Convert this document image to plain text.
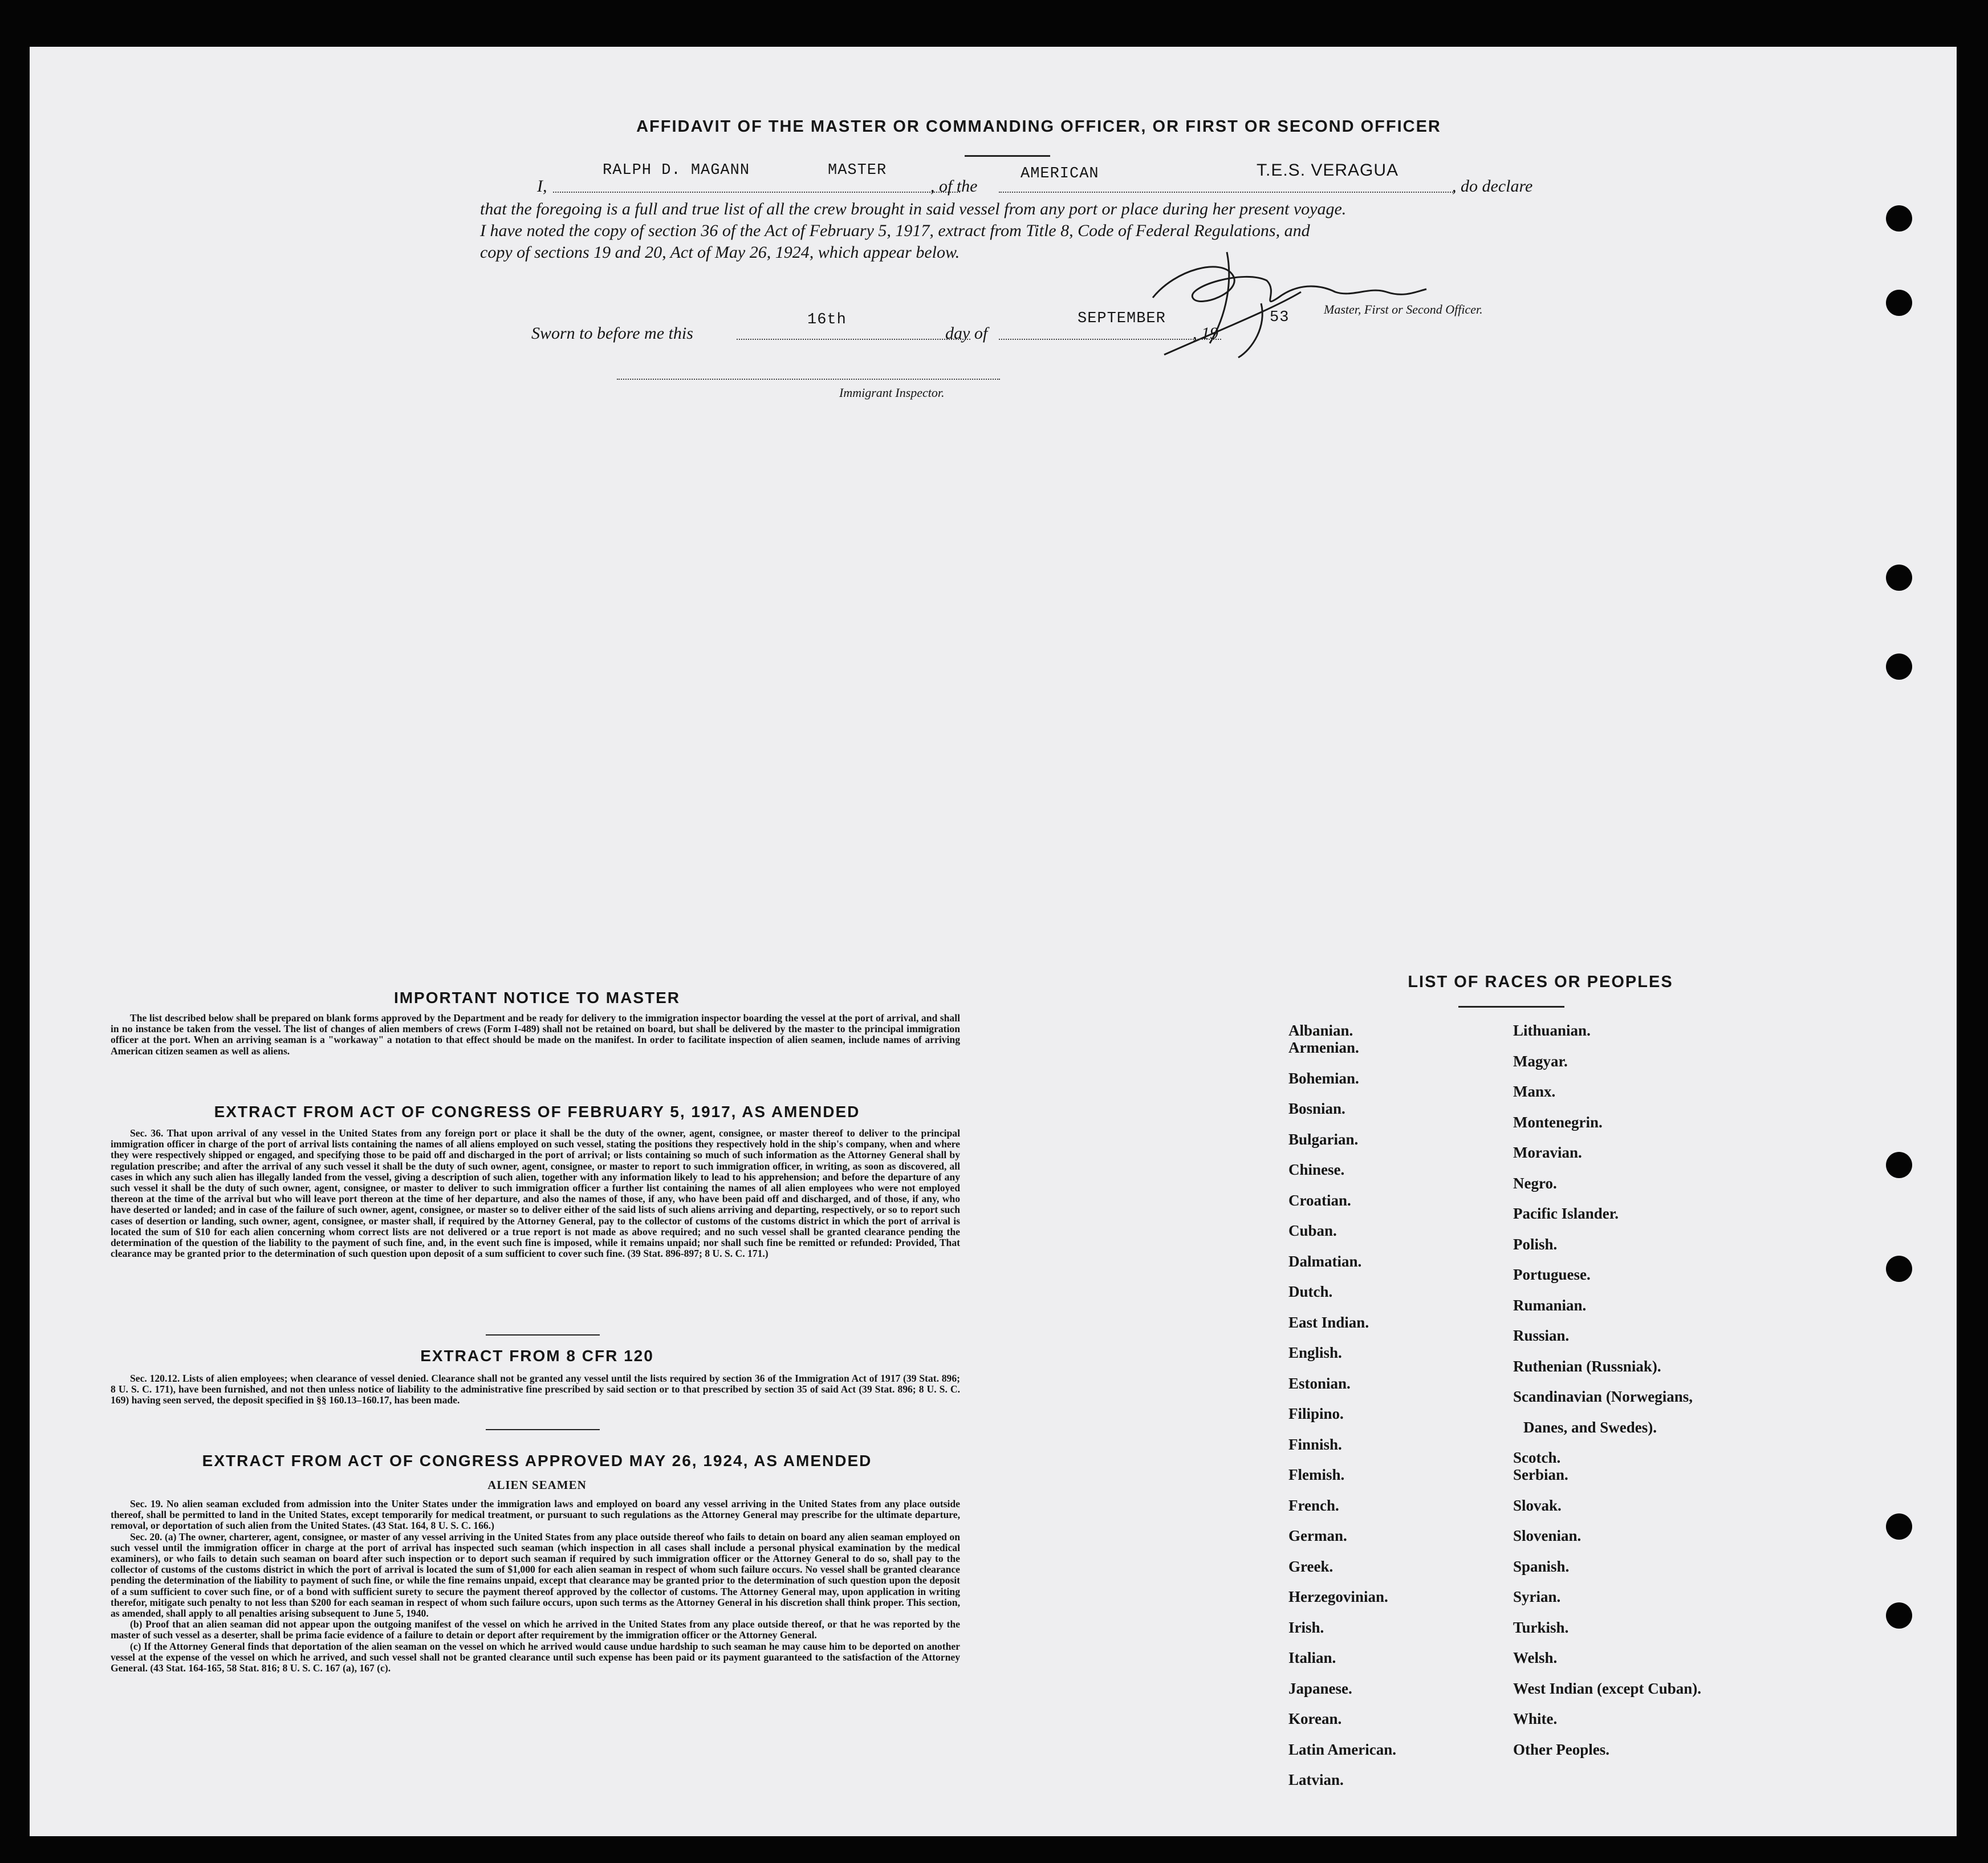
AFFIDAVIT OF THE MASTER OR COMMANDING OFFICER, OR FIRST OR SECOND OFFICER
I,
RALPH D. MAGANN	MASTER
, of the
AMERICAN	T.E.S. VERAGUA
, do declare
that the foregoing is a full and true list of all the crew brought in said vessel from any port or place during her present voyage.
I have noted the copy of section 36 of the Act of February 5, 1917, extract from Title 8, Code of Federal Regulations, and
copy of sections 19 and 20, Act of May 26, 1924, which appear below.
Master, First or Second Officer.
Sworn to before me this
16th
day of
SEPTEMBER
, 19
53
Immigrant Inspector.
IMPORTANT NOTICE TO MASTER

The list described below shall be prepared on blank forms approved by the Department and be ready for delivery to the immigration inspector boarding the vessel at the port of arrival, and shall in no instance be taken from the vessel. The list of changes of alien members of crews (Form I-489) shall not be retained on board, but shall be delivered by the master to the principal immigration officer at the port. When an arriving seaman is a "workaway" a notation to that effect should be made on the manifest. In order to facilitate inspection of alien seamen, include names of arriving American citizen seamen as well as aliens.

EXTRACT FROM ACT OF CONGRESS OF FEBRUARY 5, 1917, AS AMENDED

Sec. 36. That upon arrival of any vessel in the United States from any foreign port or place it shall be the duty of the owner, agent, consignee, or master thereof to deliver to the principal immigration officer in charge of the port of arrival lists containing the names of all aliens employed on such vessel, stating the positions they respectively hold in the ship's company, when and where they were respectively shipped or engaged, and specifying those to be paid off and discharged in the port of arrival; or lists containing so much of such information as the Attorney General shall by regulation prescribe; and after the arrival of any such vessel it shall be the duty of such owner, agent, consignee, or master to report to such immigration officer, in writing, as soon as discovered, all cases in which any such alien has illegally landed from the vessel, giving a description of such alien, together with any information likely to lead to his apprehension; and before the departure of any such vessel it shall be the duty of such owner, agent, consignee, or master to deliver to such immigration officer a further list containing the names of all alien employees who were not employed thereon at the time of the arrival but who will leave port thereon at the time of her departure, and also the names of those, if any, who have been paid off and discharged, and of those, if any, who have deserted or landed; and in case of the failure of such owner, agent, consignee, or master so to deliver either of the said lists of such aliens arriving and departing, respectively, or so to report such cases of desertion or landing, such owner, agent, consignee, or master shall, if required by the Attorney General, pay to the collector of customs of the customs district in which the port of arrival is located the sum of $10 for each alien concerning whom correct lists are not delivered or a true report is not made as above required; and no such vessel shall be granted clearance pending the determination of the question of the liability to the payment of such fine, and, in the event such fine is imposed, while it remains unpaid; nor shall such fine be remitted or refunded: Provided, That clearance may be granted prior to the determination of such question upon deposit of a sum sufficient to cover such fine. (39 Stat. 896-897; 8 U. S. C. 171.)

EXTRACT FROM 8 CFR 120

Sec. 120.12. Lists of alien employees; when clearance of vessel denied. Clearance shall not be granted any vessel until the lists required by section 36 of the Immigration Act of 1917 (39 Stat. 896; 8 U. S. C. 171), have been furnished, and not then unless notice of liability to the administrative fine prescribed by said section or to that prescribed by section 35 of said Act (39 Stat. 896; 8 U. S. C. 169) having seen served, the deposit specified in §§ 160.13–160.17, has been made.

EXTRACT FROM ACT OF CONGRESS APPROVED MAY 26, 1924, AS AMENDED
ALIEN SEAMEN

Sec. 19. No alien seaman excluded from admission into the Uniter States under the immigration laws and employed on board any vessel arriving in the United States from any place outside thereof, shall be permitted to land in the United States, except temporarily for medical treatment, or pursuant to such regulations as the Attorney General may prescribe for the ultimate departure, removal, or deportation of such alien from the United States. (43 Stat. 164, 8 U. S. C. 166.)

Sec. 20. (a) The owner, charterer, agent, consignee, or master of any vessel arriving in the United States from any place outside thereof who fails to detain on board any alien seaman employed on such vessel until the immigration officer in charge at the port of arrival has inspected such seaman (which inspection in all cases shall include a personal physical examination by the medical examiners), or who fails to detain such seaman on board after such inspection or to deport such seaman if required by such immigration officer or the Attorney General to do so, shall pay to the collector of customs of the customs district in which the port of arrival is located the sum of $1,000 for each alien seaman in respect of whom such failure occurs. No vessel shall be granted clearance pending the determination of the liability to payment of such fine, or while the fine remains unpaid, except that clearance may be granted prior to the determination of such question upon the deposit of a sum sufficient to cover such fine, or of a bond with sufficient surety to secure the payment thereof approved by the collector of customs. The Attorney General may, upon application in writing therefor, mitigate such penalty to not less than $200 for each seaman in respect of whom such failure occurs, upon such terms as the Attorney General in his discretion shall think proper. This section, as amended, shall apply to all penalties arising subsequent to June 5, 1940.

(b) Proof that an alien seaman did not appear upon the outgoing manifest of the vessel on which he arrived in the United States from any place outside thereof, or that he was reported by the master of such vessel as a deserter, shall be prima facie evidence of a failure to detain or deport after requirement by the immigration officer or the Attorney General.

(c) If the Attorney General finds that deportation of the alien seaman on the vessel on which he arrived would cause undue hardship to such seaman he may cause him to be deported on another vessel at the expense of the vessel on which he arrived, and such vessel shall not be granted clearance until such expense has been paid or its payment guaranteed to the satisfaction of the Attorney General. (43 Stat. 164-165, 58 Stat. 816; 8 U. S. C. 167 (a), 167 (c).

LIST OF RACES OR PEOPLES
Albanian.
Armenian.
Bohemian.
Bosnian.
Bulgarian.
Chinese.
Croatian.
Cuban.
Dalmatian.
Dutch.
East Indian.
English.
Estonian.
Filipino.
Finnish.
Flemish.
French.
German.
Greek.
Herzegovinian.
Irish.
Italian.
Japanese.
Korean.
Latin American.
Latvian.
Lithuanian.
Magyar.
Manx.
Montenegrin.
Moravian.
Negro.
Pacific Islander.
Polish.
Portuguese.
Rumanian.
Russian.
Ruthenian (Russniak).
Scandinavian (Norwegians,
Danes, and Swedes).
Scotch.
Serbian.
Slovak.
Slovenian.
Spanish.
Syrian.
Turkish.
Welsh.
West Indian (except Cuban).
White.
Other Peoples.
